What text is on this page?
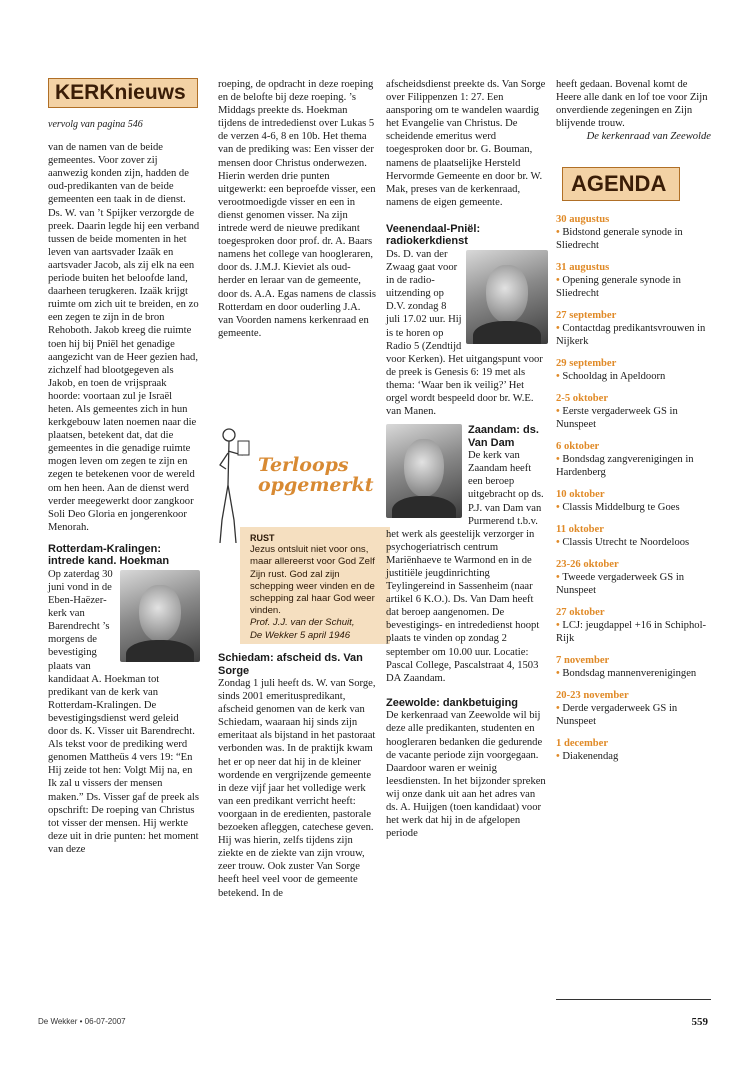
KERKnieuws
vervolg van pagina 546

van de namen van de beide gemeentes. Voor zover zij aanwezig konden zijn, hadden de oud-predikanten van de beide gemeenten een taak in de dienst. Ds. W. van ’t Spijker verzorgde de preek. Daarin legde hij een verband tussen de beide momenten in het leven van aartsvader Izaäk en aartsvader Jacob, als zij elk na een periode buiten het beloofde land, daarheen terugkeren. Izaäk krijgt ruimte om zich uit te breiden, en zo een zegen te zijn in de bron Rehoboth. Jakob kreeg die ruimte toen hij bij Pniël het genadige aangezicht van de Heer gezien had, zichzelf had blootgegeven als Jakob, en toen de vrijspraak hoorde: voortaan zul je Israël heten. Als gemeentes zich in hun kerkgebouw laten noemen naar die plaatsen, betekent dat, dat die gemeentes in die genadige ruimte mogen leven om zegen te zijn en zegen te betekenen voor de wereld om hen heen. Aan de dienst werd verder meegewerkt door zangkoor Soli Deo Gloria en jongerenkoor Menorah.

Rotterdam-Kralingen: intrede kand. Hoekman

Op zaterdag 30 juni vond in de Eben-Haëzer-kerk van Barendrecht ’s morgens de bevestiging plaats van kandidaat A. Hoekman tot predikant van de kerk van Rotterdam-Kralingen. De bevestigingsdienst werd geleid door ds. K. Visser uit Barendrecht. Als tekst voor de prediking werd genomen Mattheüs 4 vers 19: “En Hij zeide tot hen: Volgt Mij na, en Ik zal u vissers der mensen maken.” Ds. Visser gaf de preek als opschrift: De roeping van Christus tot visser der mensen. Hij werkte deze uit in drie punten: het moment van deze

roeping, de opdracht in deze roeping en de belofte bij deze roeping. ’s Middags preekte ds. Hoekman tijdens de intrededienst over Lukas 5 de verzen 4-6, 8 en 10b. Het thema van de prediking was: Een visser der mensen door Christus onderwezen. Hierin werden drie punten uitgewerkt: een beproefde visser, een verootmoedigde visser en een in dienst genomen visser. Na zijn intrede werd de nieuwe predikant toegesproken door prof. dr. A. Baars namens het college van hoogleraren, door ds. J.M.J. Kieviet als oud-herder en leraar van de gemeente, door ds. A.A. Egas namens de classis Rotterdam en door ouderling J.A. van Voorden namens kerkenraad en gemeente.

Terloops
opgemerkt
RUST
Jezus ontsluit niet voor ons, maar allereerst voor God Zelf Zijn rust. God zal zijn schepping weer vinden en de schepping zal haar God weer vinden.
Prof. J.J. van der Schuit,
De Wekker 5 april 1946
Schiedam: afscheid ds. Van Sorge

Zondag 1 juli heeft ds. W. van Sorge, sinds 2001 emerituspredikant, afscheid genomen van de kerk van Schiedam, waaraan hij sinds zijn emeritaat als bijstand in het pastoraat verbonden was. In de praktijk kwam het er op neer dat hij in de kleiner wordende en vergrijzende gemeente in deze vijf jaar het volledige werk van een predikant verricht heeft: voorgaan in de eredienten, pastorale bezoeken afleggen, catechese geven. Hij was hierin, zelfs tijdens zijn ziekte en de ziekte van zijn vrouw, zeer trouw. Ook zuster Van Sorge heeft heel veel voor de gemeente betekend. In de

afscheidsdienst preekte ds. Van Sorge over Filippenzen 1: 27. Een aansporing om te wandelen waardig het Evangelie van Christus. De scheidende emeritus werd toegesproken door br. G. Bouman, namens de plaatselijke Hersteld Hervormde Gemeente en door br. W. Mak, preses van de kerkenraad, namens de eigen gemeente.

Veenendaal-Pniël: radiokerkdienst

Ds. D. van der Zwaag gaat voor in de radio-uitzending op D.V. zondag 8 juli 17.02 uur. Hij is te horen op Radio 5 (Zendtijd voor Kerken). Het uitgangspunt voor de preek is Genesis 6: 19 met als thema: ‘Waar ben ik veilig?’ Het orgel wordt bespeeld door br. W.E. van Manen.

Zaandam: ds. Van Dam

De kerk van Zaandam heeft een beroep uitgebracht op ds. P.J. van Dam van Purmerend t.b.v. het werk als geestelijk verzorger in psychogeriatrisch centrum Mariënhaeve te Warmond en in de justitiële jeugdinrichting Teylingereind in Sassenheim (naar artikel 6 K.O.). Ds. Van Dam heeft dat beroep aangenomen. De bevestigings- en intrededienst hoopt plaats te vinden op zondag 2 september om 10.00 uur. Locatie: Pascal College, Pascalstraat 4, 1503 DA Zaandam.

Zeewolde: dankbetuiging

De kerkenraad van Zeewolde wil bij deze alle predikanten, studenten en hoogleraren bedanken die gedurende de vacante periode zijn voorgegaan. Daardoor waren er weinig leesdiensten. In het bijzonder spreken wij onze dank uit aan het adres van ds. A. Huijgen (toen kandidaat) voor het werk dat hij in de afgelopen periode

heeft gedaan. Bovenal komt de Heere alle dank en lof toe voor Zijn onverdiende zegeningen en Zijn blijvende trouw.

De kerkenraad van Zeewolde

AGENDA
30 augustus
• Bidstond generale synode in Sliedrecht
31 augustus
• Opening generale synode in Sliedrecht
27 september
• Contactdag predikantsvrouwen in Nijkerk
29 september
• Schooldag in Apeldoorn
2-5 oktober
• Eerste vergaderweek GS in Nunspeet
6 oktober
• Bondsdag zangverenigingen in Hardenberg
10 oktober
• Classis Middelburg te Goes
11 oktober
• Classis Utrecht te Noordeloos
23-26 oktober
• Tweede vergaderweek GS in Nunspeet
27 oktober
• LCJ: jeugdappel +16 in Schiphol-Rijk
7 november
• Bondsdag mannenverenigingen
20-23 november
• Derde vergaderweek GS in Nunspeet
1 december
• Diakenendag
De Wekker • 06-07-2007	559
